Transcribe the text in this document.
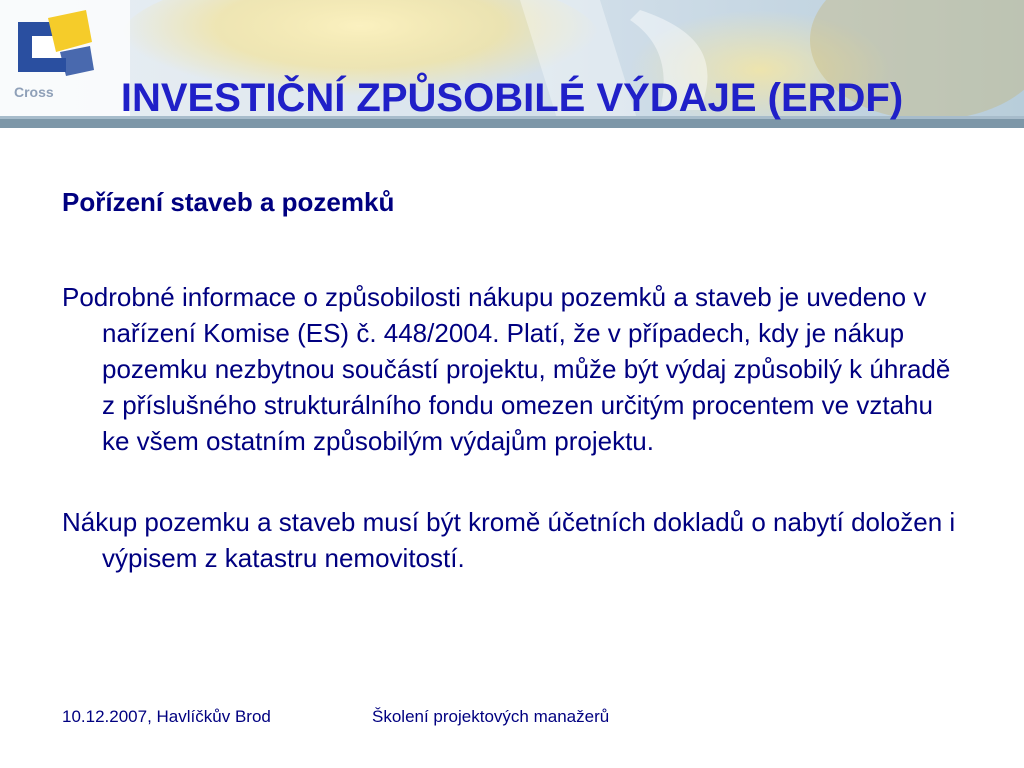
Cross	INVESTIČNÍ ZPŮSOBILÉ VÝDAJE (ERDF)

Pořízení staveb a pozemků

Podrobné informace o způsobilosti nákupu pozemků a staveb je uvedeno v nařízení Komise (ES) č. 448/2004. Platí, že v případech, kdy je nákup pozemku nezbytnou součástí projektu, může být výdaj způsobilý k úhradě z příslušného strukturálního fondu omezen určitým procentem ve vztahu ke všem ostatním způsobilým výdajům projektu.

Nákup pozemku a staveb musí být kromě účetních dokladů o nabytí doložen i výpisem z katastru nemovitostí.

10.12.2007, Havlíčkův Brod	Školení projektových manažerů
